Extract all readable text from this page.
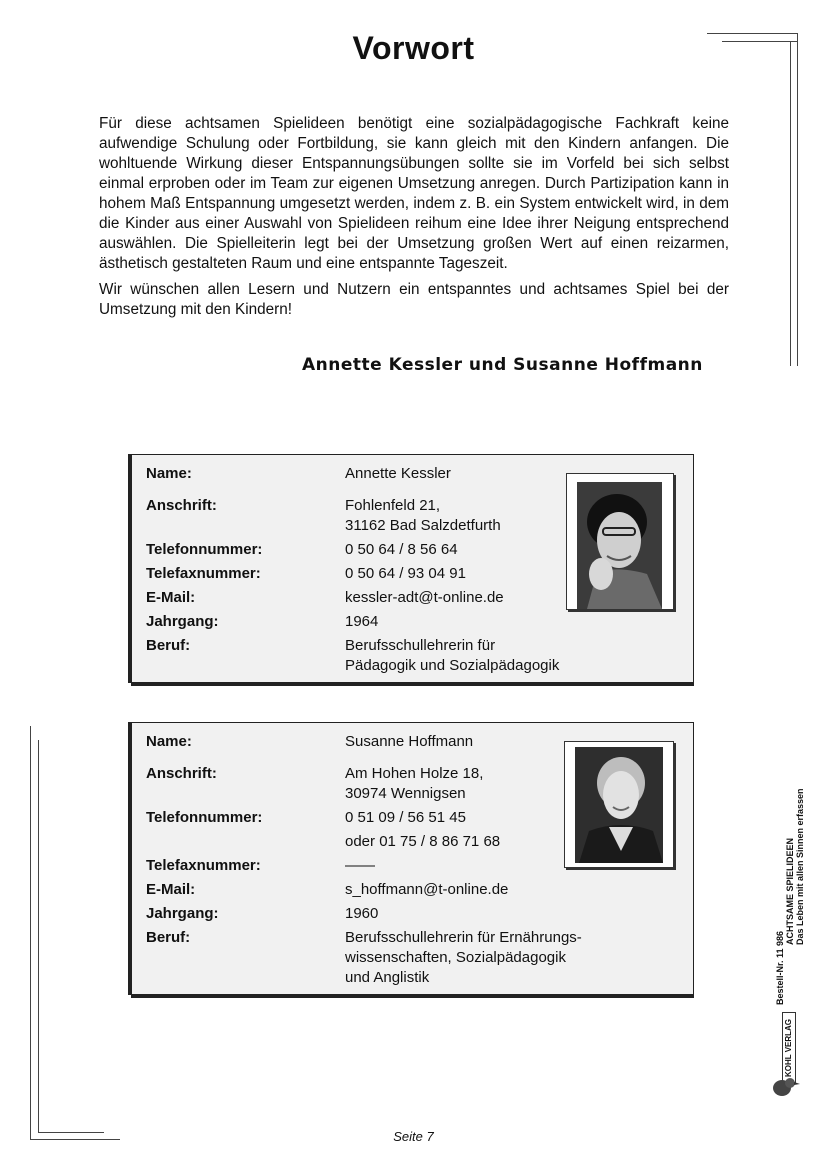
Vorwort

Für diese achtsamen Spielideen benötigt eine sozialpädagogische Fachkraft keine aufwendige Schulung oder Fortbildung, sie kann gleich mit den Kindern anfangen. Die wohltuende Wirkung dieser Entspannungsübungen sollte sie im Vorfeld bei sich selbst einmal erproben oder im Team zur eigenen Umsetzung anregen. Durch Partizipation kann in hohem Maß Entspannung umgesetzt werden, indem z. B. ein System entwickelt wird, in dem die Kinder aus einer Auswahl von Spielideen reihum eine Idee ihrer Neigung entsprechend auswählen. Die Spielleiterin legt bei der Umsetzung großen Wert auf einen reizarmen, ästhetisch gestalteten Raum und eine entspannte Tageszeit.

Wir wünschen allen Lesern und Nutzern ein entspanntes und achtsames Spiel bei der Umsetzung mit den Kindern!

Annette Kessler und Susanne Hoffmann
Name:	Annette Kessler
Anschrift:	Fohlenfeld 21,
31162 Bad Salzdetfurth
Telefonnummer:	0 50 64 / 8 56 64
Telefaxnummer:	0 50 64 / 93 04 91
E-Mail:	kessler-adt@t-online.de
Jahrgang:	1964
Beruf:	Berufsschullehrerin für
Pädagogik und Sozialpädagogik
Name:	Susanne Hoffmann
Anschrift:	Am Hohen Holze 18,
30974 Wennigsen
Telefonnummer:	0 51 09 / 56 51 45
oder 01 75 / 8 86 71 68
Telefaxnummer:	——
E-Mail:	s_hoffmann@t-online.de
Jahrgang:	1960
Beruf:	Berufsschullehrerin für Ernährungs-
wissenschaften, Sozialpädagogik
und Anglistik	Bestell-Nr. 11 986
ACHTSAME SPIELIDEEN Das Leben mit allen Sinnen erfassen
KOHL VERLAG
Seite 7
